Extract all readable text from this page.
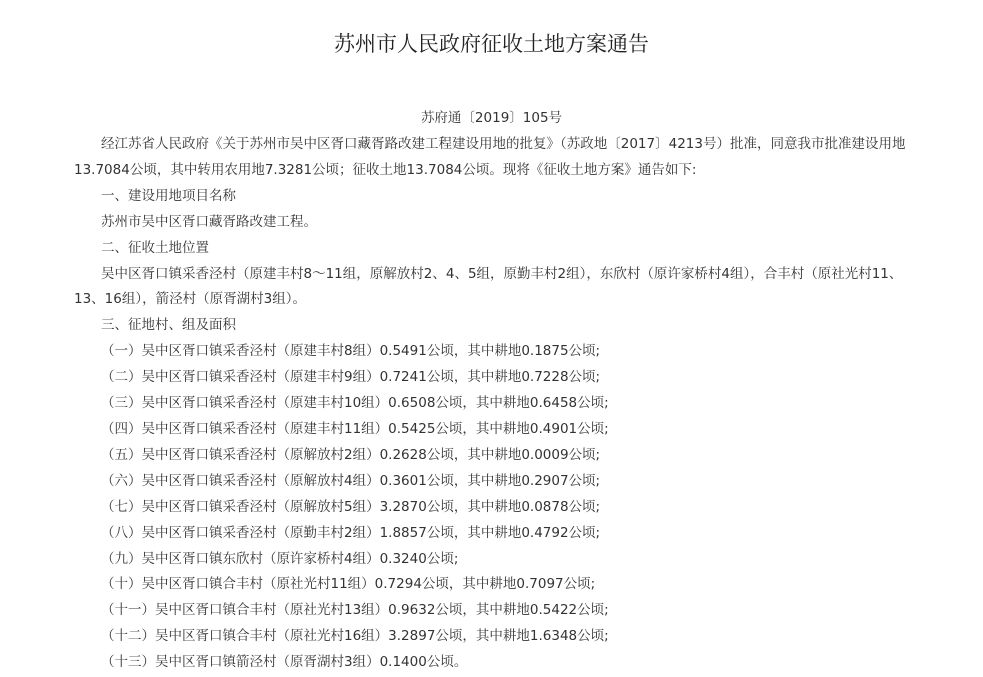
苏州市人民政府征收土地方案通告
苏府通〔2019〕105号

经江苏省人民政府《关于苏州市吴中区胥口藏胥路改建工程建设用地的批复》（苏政地〔2017〕4213号）批准，同意我市批准建设用地13.7084公顷，其中转用农用地7.3281公顷；征收土地13.7084公顷。现将《征收土地方案》通告如下:

一、建设用地项目名称

苏州市吴中区胥口藏胥路改建工程。

二、征收土地位置

吴中区胥口镇采香泾村（原建丰村8～11组，原解放村2、4、5组，原勤丰村2组），东欣村（原许家桥村4组），合丰村（原社光村11、13、16组），箭泾村（原胥湖村3组）。

三、征地村、组及面积

（一）吴中区胥口镇采香泾村（原建丰村8组）0.5491公顷，其中耕地0.1875公顷;
（二）吴中区胥口镇采香泾村（原建丰村9组）0.7241公顷，其中耕地0.7228公顷;
（三）吴中区胥口镇采香泾村（原建丰村10组）0.6508公顷，其中耕地0.6458公顷;
（四）吴中区胥口镇采香泾村（原建丰村11组）0.5425公顷，其中耕地0.4901公顷;
（五）吴中区胥口镇采香泾村（原解放村2组）0.2628公顷，其中耕地0.0009公顷;
（六）吴中区胥口镇采香泾村（原解放村4组）0.3601公顷，其中耕地0.2907公顷;
（七）吴中区胥口镇采香泾村（原解放村5组）3.2870公顷，其中耕地0.0878公顷;
（八）吴中区胥口镇采香泾村（原勤丰村2组）1.8857公顷，其中耕地0.4792公顷;
（九）吴中区胥口镇东欣村（原许家桥村4组）0.3240公顷;
（十）吴中区胥口镇合丰村（原社光村11组）0.7294公顷，其中耕地0.7097公顷;
（十一）吴中区胥口镇合丰村（原社光村13组）0.9632公顷，其中耕地0.5422公顷;
（十二）吴中区胥口镇合丰村（原社光村16组）3.2897公顷，其中耕地1.6348公顷;
（十三）吴中区胥口镇箭泾村（原胥湖村3组）0.1400公顷。
